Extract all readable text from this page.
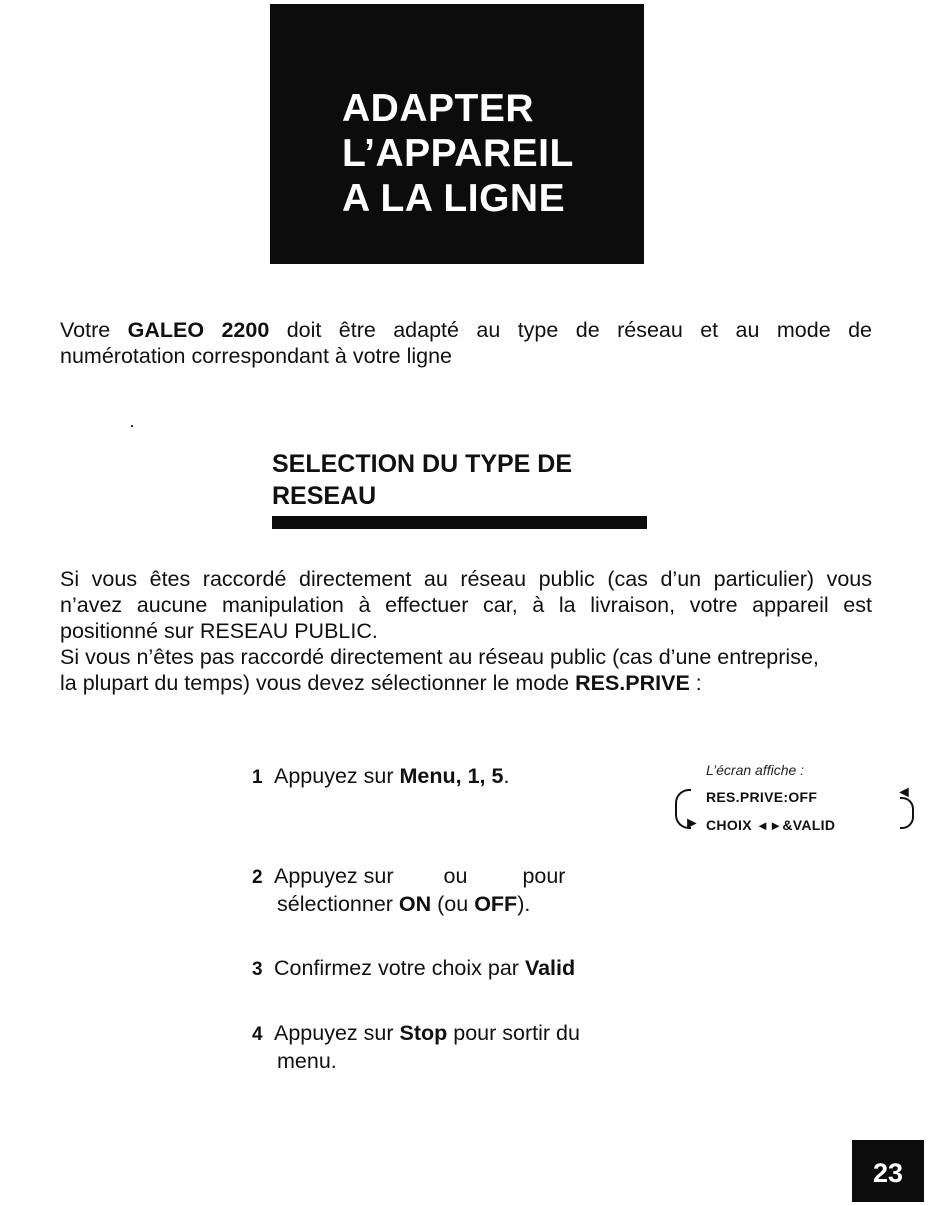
ADAPTER
L’APPAREIL
A LA LIGNE

Votre GALEO 2200 doit être adapté au type de réseau et au mode de
numérotation correspondant à votre ligne

SELECTION DU TYPE DE
RESEAU

Si vous êtes raccordé directement au réseau public (cas d’un particulier) vous
n’avez aucune manipulation à effectuer car, à la livraison, votre appareil est
positionné sur RESEAU PUBLIC.

Si vous n’êtes pas raccordé directement au réseau public (cas d’une entreprise,
la plupart du temps) vous devez sélectionner le mode RES.PRIVE :

1 Appuyez sur Menu, 1, 5.	L’écran affiche :
►
RES.PRIVE:OFF
CHOIX ◄►&VALID
◄
2 Appuyez sur ou	pour
sélectionner ON (ou OFF).
3 Confirmez votre choix par Valid
4 Appuyez sur Stop pour sortir du
menu.
23
